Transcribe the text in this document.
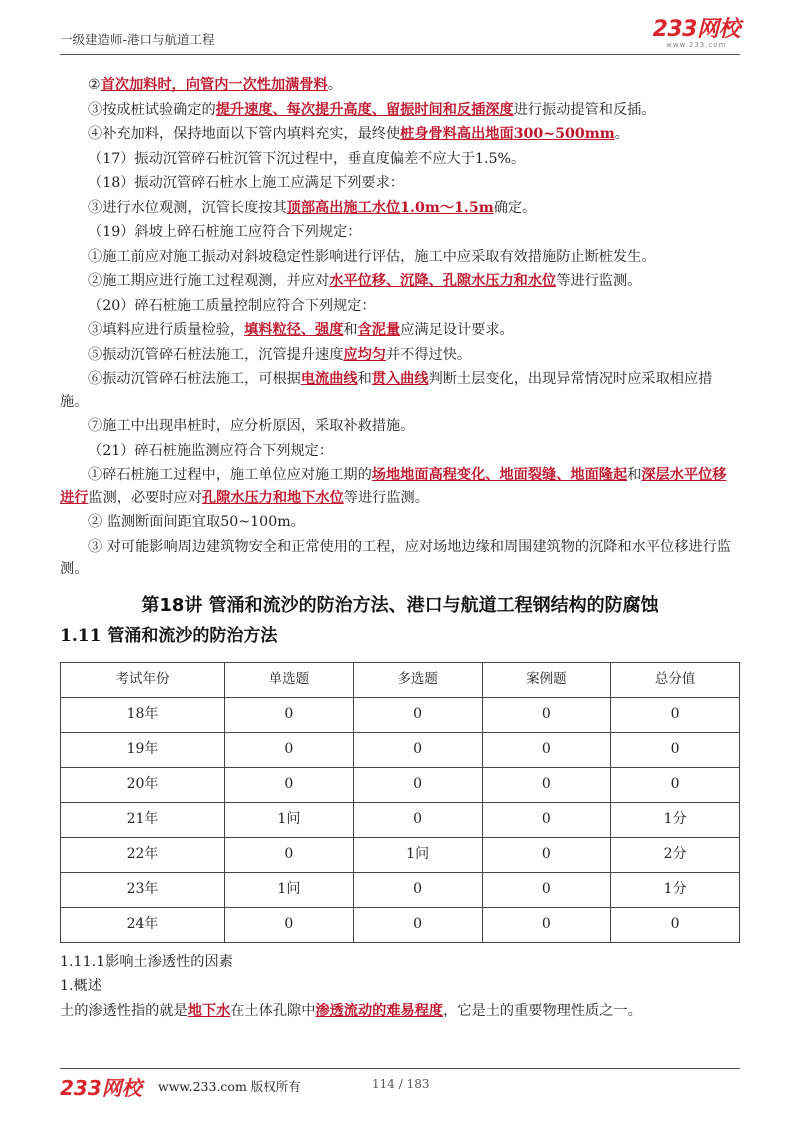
一级建造师-港口与航道工程	233网校
www.233.com

②首次加料时，向管内一次性加满骨料。

③按成桩试验确定的提升速度、每次提升高度、留振时间和反插深度进行振动提管和反插。

④补充加料，保持地面以下管内填料充实，最终使桩身骨料高出地面300~500mm。

（17）振动沉管碎石桩沉管下沉过程中，垂直度偏差不应大于1.5%。

（18）振动沉管碎石桩水上施工应满足下列要求：

③进行水位观测，沉管长度按其顶部高出施工水位1.0m～1.5m确定。

（19）斜坡上碎石桩施工应符合下列规定：

①施工前应对施工振动对斜坡稳定性影响进行评估，施工中应采取有效措施防止断桩发生。

②施工期应进行施工过程观测，并应对水平位移、沉降、孔隙水压力和水位等进行监测。

（20）碎石桩施工质量控制应符合下列规定：

③填料应进行质量检验，填料粒径、强度和含泥量应满足设计要求。

⑤振动沉管碎石桩法施工，沉管提升速度应均匀并不得过快。

⑥振动沉管碎石桩法施工，可根据电流曲线和贯入曲线判断土层变化，出现异常情况时应采取相应措施。

⑦施工中出现串桩时，应分析原因，采取补救措施。

（21）碎石桩施监测应符合下列规定：

①碎石桩施工过程中，施工单位应对施工期的场地地面高程变化、地面裂缝、地面隆起和深层水平位移进行监测，必要时应对孔隙水压力和地下水位等进行监测。

② 监测断面间距宜取50~100m。

③ 对可能影响周边建筑物安全和正常使用的工程，应对场地边缘和周围建筑物的沉降和水平位移进行监测。

第18讲 管涌和流沙的防治方法、港口与航道工程钢结构的防腐蚀
1.11 管涌和流沙的防治方法
考试年份	单选题	多选题	案例题	总分值
18年	0	0	0	0
19年	0	0	0	0
20年	0	0	0	0
21年	1问	0	0	1分
22年	0	1问	0	2分
23年	1问	0	0	1分
24年	0	0	0	0

1.11.1影响土渗透性的因素

1.概述

土的渗透性指的就是地下水在土体孔隙中渗透流动的难易程度，它是土的重要物理性质之一。

233网校 www.233.com 版权所有	114 / 183
